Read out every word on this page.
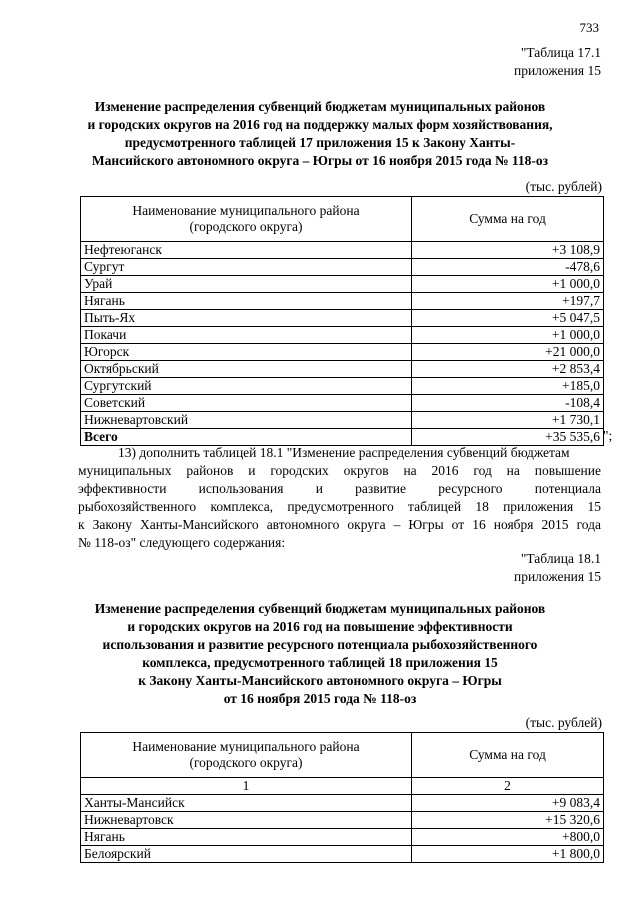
733
"Таблица 17.1
приложения 15
Изменение распределения субвенций бюджетам муниципальных районов
и городских округов на 2016 год на поддержку малых форм хозяйствования,
предусмотренного таблицей 17 приложения 15 к Закону Ханты-
Мансийского автономного округа – Югры от 16 ноября 2015 года № 118-оз
(тыс. рублей)
Наименование муниципального района
(городского округа)	Сумма на год
Нефтеюганск	+3 108,9
Сургут	-478,6
Урай	+1 000,0
Нягань	+197,7
Пыть-Ях	+5 047,5
Покачи	+1 000,0
Югорск	+21 000,0
Октябрьский	+2 853,4
Сургутский	+185,0
Советский	-108,4
Нижневартовский	+1 730,1
Всего	+35 535,6 ";
13) дополнить таблицей 18.1 "Изменение распределения субвенций бюджетам
муниципальных районов и городских округов на 2016 год на повышение
эффективности использования и развитие ресурсного потенциала
рыбохозяйственного комплекса, предусмотренного таблицей 18 приложения 15
к Закону Ханты-Мансийского автономного округа – Югры от 16 ноября 2015 года
№ 118-оз" следующего содержания:
"Таблица 18.1
приложения 15
Изменение распределения субвенций бюджетам муниципальных районов
и городских округов на 2016 год на повышение эффективности
использования и развитие ресурсного потенциала рыбохозяйственного
комплекса, предусмотренного таблицей 18 приложения 15
к Закону Ханты-Мансийского автономного округа – Югры
от 16 ноября 2015 года № 118-оз
(тыс. рублей)
Наименование муниципального района
(городского округа)	Сумма на год
1	2
Ханты-Мансийск	+9 083,4
Нижневартовск	+15 320,6
Нягань	+800,0
Белоярский	+1 800,0
